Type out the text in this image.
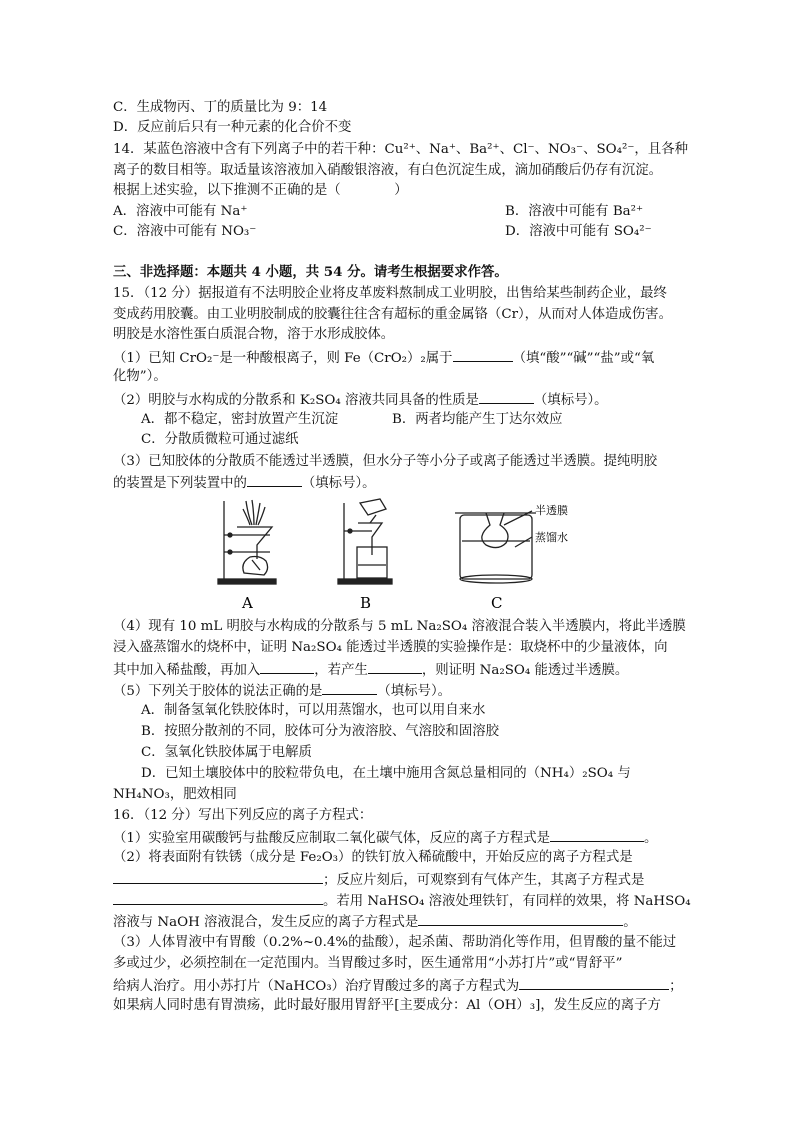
C．生成物丙、丁的质量比为 9：14
D．反应前后只有一种元素的化合价不变
14．某蓝色溶液中含有下列离子中的若干种：Cu²⁺、Na⁺、Ba²⁺、Cl⁻、NO₃⁻、SO₄²⁻，且各种
离子的数目相等。取适量该溶液加入硝酸银溶液，有白色沉淀生成，滴加硝酸后仍存有沉淀。
根据上述实验，以下推测不正确的是（　　　　）
A．溶液中可能有 Na⁺	B．溶液中可能有 Ba²⁺
C．溶液中可能有 NO₃⁻	D．溶液中可能有 SO₄²⁻
三、非选择题：本题共 4 小题，共 54 分。请考生根据要求作答。
15．（12 分）据报道有不法明胶企业将皮革废料熬制成工业明胶，出售给某些制药企业，最终
变成药用胶囊。由工业明胶制成的胶囊往往含有超标的重金属铬（Cr），从而对人体造成伤害。
明胶是水溶性蛋白质混合物，溶于水形成胶体。
（1）已知 CrO₂⁻是一种酸根离子，则 Fe（CrO₂）₂属于	（填“酸”“碱”“盐”或“氧
化物”）。
（2）明胶与水构成的分散系和 K₂SO₄ 溶液共同具备的性质是	（填标号）。
A．都不稳定，密封放置产生沉淀	B．两者均能产生丁达尔效应
C．分散质微粒可通过滤纸
（3）已知胶体的分散质不能透过半透膜，但水分子等小分子或离子能透过半透膜。提纯明胶
的装置是下列装置中的	（填标号）。
A	B
半透膜
蒸馏水
C
（4）现有 10 mL 明胶与水构成的分散系与 5 mL Na₂SO₄ 溶液混合装入半透膜内，将此半透膜
浸入盛蒸馏水的烧杯中，证明 Na₂SO₄ 能透过半透膜的实验操作是：取烧杯中的少量液体，向
其中加入稀盐酸，再加入	，若产生	，则证明 Na₂SO₄ 能透过半透膜。
（5）下列关于胶体的说法正确的是	（填标号）。
A．制备氢氧化铁胶体时，可以用蒸馏水，也可以用自来水
B．按照分散剂的不同，胶体可分为液溶胶、气溶胶和固溶胶
C．氢氧化铁胶体属于电解质
D．已知土壤胶体中的胶粒带负电，在土壤中施用含氮总量相同的（NH₄）₂SO₄ 与
NH₄NO₃，肥效相同
16．（12 分）写出下列反应的离子方程式：
（1）实验室用碳酸钙与盐酸反应制取二氧化碳气体，反应的离子方程式是	。
（2）将表面附有铁锈（成分是 Fe₂O₃）的铁钉放入稀硫酸中，开始反应的离子方程式是
；反应片刻后，可观察到有气体产生，其离子方程式是
。若用 NaHSO₄ 溶液处理铁钉，有同样的效果，将 NaHSO₄
溶液与 NaOH 溶液混合，发生反应的离子方程式是	。
（3）人体胃液中有胃酸（0.2%~0.4%的盐酸），起杀菌、帮助消化等作用，但胃酸的量不能过
多或过少，必须控制在一定范围内。当胃酸过多时，医生通常用“小苏打片”或“胃舒平”
给病人治疗。用小苏打片（NaHCO₃）治疗胃酸过多的离子方程式为	；
如果病人同时患有胃溃疡，此时最好服用胃舒平[主要成分：Al（OH）₃]，发生反应的离子方
